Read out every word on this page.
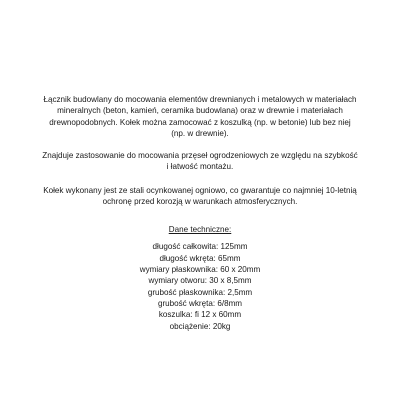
Łącznik budowlany do mocowania elementów drewnianych i metalowych w materiałach
mineralnych (beton, kamień, ceramika budowlana) oraz w drewnie i materiałach
drewnopodobnych. Kołek można zamocować z koszulką (np. w betonie) lub bez niej
(np. w drewnie).

Znajduje zastosowanie do mocowania przęseł ogrodzeniowych ze względu na szybkość
i łatwość montażu.

Kołek wykonany jest ze stali ocynkowanej ogniowo, co gwarantuje co najmniej 10-letnią
ochronę przed korozją w warunkach atmosferycznych.

Dane techniczne:
długość całkowita: 125mm
długość wkręta: 65mm
wymiary płaskownika: 60 x 20mm
wymiary otworu: 30 x 8,5mm
grubość płaskownika: 2,5mm
grubość wkręta: 6/8mm
koszulka: fi 12 x 60mm
obciążenie: 20kg
